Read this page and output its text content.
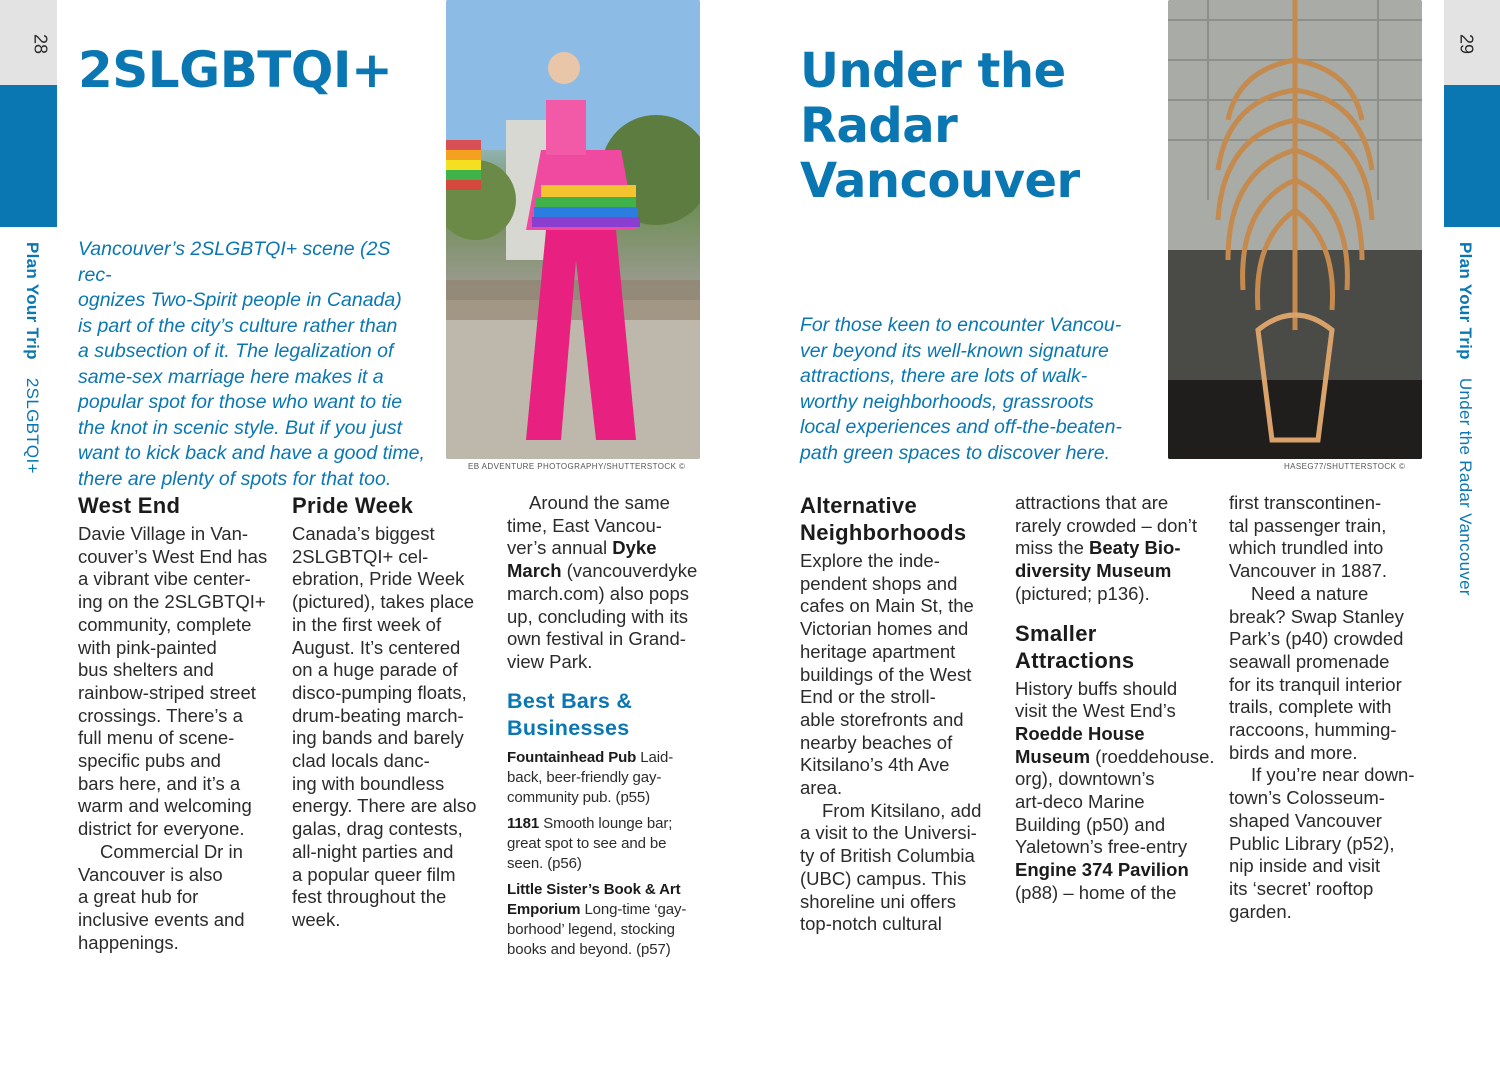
28
Plan Your Trip  2SLGBTQI+
2SLGBTQI+
Vancouver’s 2SLGBTQI+ scene (2S rec-
ognizes Two-Spirit people in Canada)
is part of the city’s culture rather than
a subsection of it. The legalization of
same-sex marriage here makes it a
popular spot for those who want to tie
the knot in scenic style. But if you just
want to kick back and have a good time,
there are plenty of spots for that too.
EB ADVENTURE PHOTOGRAPHY/SHUTTERSTOCK ©
West End

Davie Village in Van-
couver’s West End has
a vibrant vibe center-
ing on the 2SLGBTQI+
community, complete
with pink-painted
bus shelters and
rainbow-striped street
crossings. There’s a
full menu of scene-
specific pubs and
bars here, and it’s a
warm and welcoming
district for everyone.

Commercial Dr in
Vancouver is also
a great hub for
inclusive events and
happenings.

Pride Week

Canada’s biggest
2SLGBTQI+ cel-
ebration, Pride Week
(pictured), takes place
in the first week of
August. It’s centered
on a huge parade of
disco-pumping floats,
drum-beating march-
ing bands and barely
clad locals danc-
ing with boundless
energy. There are also
galas, drag contests,
all-night parties and
a popular queer film
fest throughout the
week.

Around the same
time, East Vancou-
ver’s annual Dyke
March (vancouverdyke
march.com) also pops
up, concluding with its
own festival in Grand-
view Park.

Best Bars &
Businesses

Fountainhead Pub Laid-
back, beer-friendly gay-
community pub. (p55)

1181 Smooth lounge bar;
great spot to see and be
seen. (p56)

Little Sister’s Book & Art
Emporium Long-time ‘gay-
borhood’ legend, stocking
books and beyond. (p57)

29
Plan Your Trip  Under the Radar Vancouver
Under the
Radar
Vancouver
For those keen to encounter Vancou-
ver beyond its well-known signature
attractions, there are lots of walk-
worthy neighborhoods, grassroots
local experiences and off-the-beaten-
path green spaces to discover here.
HASEG77/SHUTTERSTOCK ©
Alternative
Neighborhoods

Explore the inde-
pendent shops and
cafes on Main St, the
Victorian homes and
heritage apartment
buildings of the West
End or the stroll-
able storefronts and
nearby beaches of
Kitsilano’s 4th Ave
area.

From Kitsilano, add
a visit to the Universi-
ty of British Columbia
(UBC) campus. This
shoreline uni offers
top-notch cultural

attractions that are
rarely crowded – don’t
miss the Beaty Bio-
diversity Museum
(pictured; p136).

Smaller
Attractions

History buffs should
visit the West End’s
Roedde House
Museum (roeddehouse.
org), downtown’s
art-deco Marine
Building (p50) and
Yaletown’s free-entry
Engine 374 Pavilion
(p88) – home of the

first transcontinen-
tal passenger train,
which trundled into
Vancouver in 1887.

Need a nature
break? Swap Stanley
Park’s (p40) crowded
seawall promenade
for its tranquil interior
trails, complete with
raccoons, humming-
birds and more.

If you’re near down-
town’s Colosseum-
shaped Vancouver
Public Library (p52),
nip inside and visit
its ‘secret’ rooftop
garden.
